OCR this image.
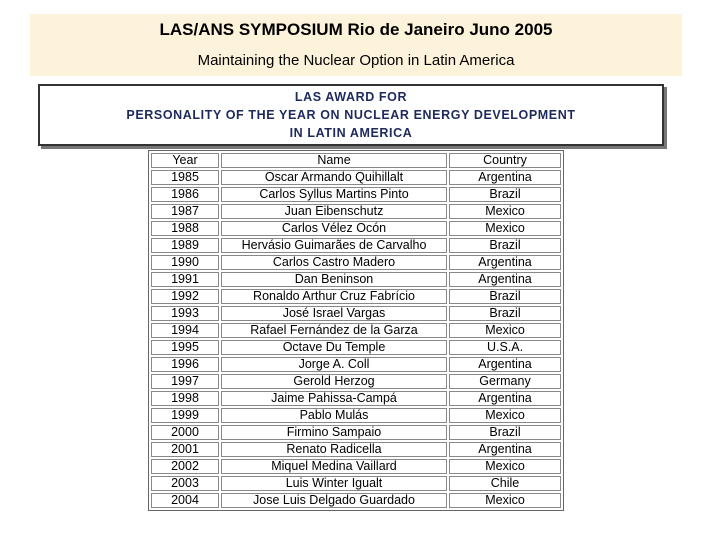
LAS/ANS SYMPOSIUM Rio de Janeiro Juno 2005
Maintaining the Nuclear Option in Latin America
LAS AWARD FOR
PERSONALITY OF THE YEAR ON NUCLEAR ENERGY DEVELOPMENT
IN LATIN AMERICA
Year	Name	Country
1985	Oscar Armando Quihillalt	Argentina
1986	Carlos Syllus Martins Pinto	Brazil
1987	Juan Eibenschutz	Mexico
1988	Carlos Vélez Ocón	Mexico
1989	Hervásio Guimarães de Carvalho	Brazil
1990	Carlos Castro Madero	Argentina
1991	Dan Beninson	Argentina
1992	Ronaldo Arthur Cruz Fabrício	Brazil
1993	José Israel Vargas	Brazil
1994	Rafael Fernández de la Garza	Mexico
1995	Octave Du Temple	U.S.A.
1996	Jorge A. Coll	Argentina
1997	Gerold Herzog	Germany
1998	Jaime Pahissa-Campá	Argentina
1999	Pablo Mulás	Mexico
2000	Firmino Sampaio	Brazil
2001	Renato Radicella	Argentina
2002	Miquel Medina Vaillard	Mexico
2003	Luis Winter Igualt	Chile
2004	Jose Luis Delgado Guardado	Mexico
